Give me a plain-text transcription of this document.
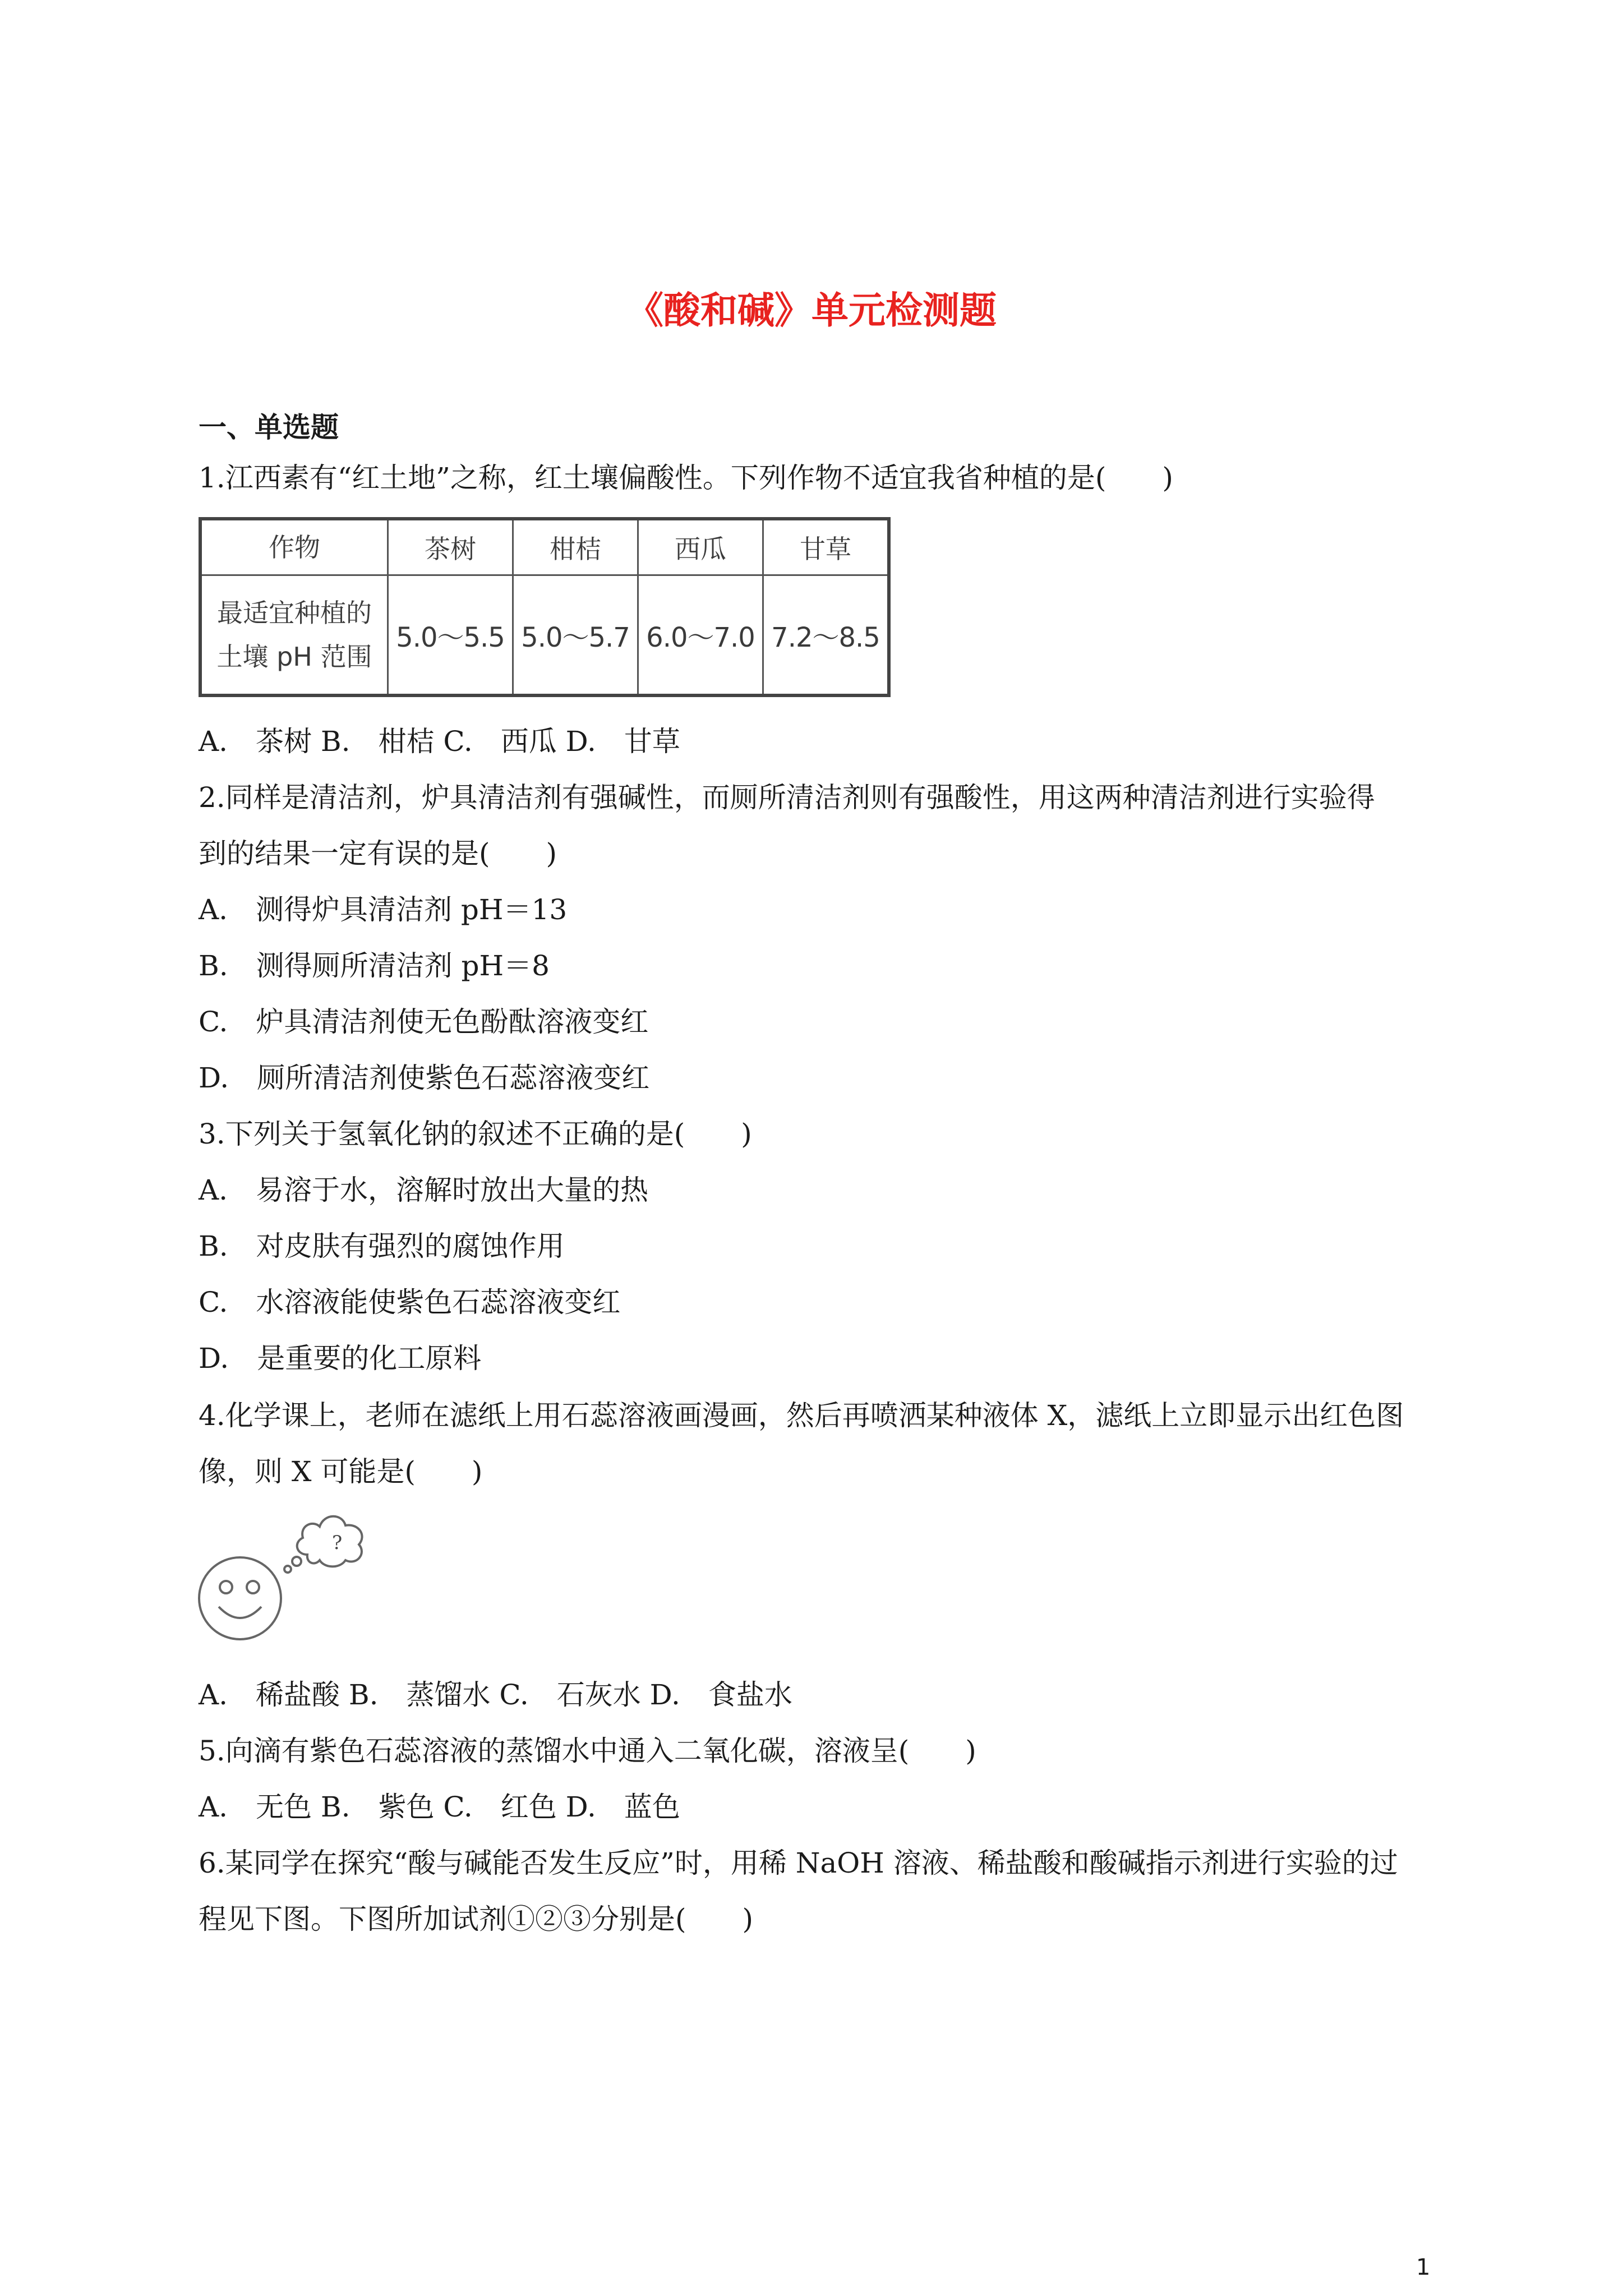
《酸和碱》单元检测题
一、单选题
1.江西素有“红土地”之称，红土壤偏酸性。下列作物不适宜我省种植的是(　　)
作物	茶树	柑桔	西瓜	甘草

最适宜种植的
土壤 pH 范围	5.0～5.5	5.0～5.7	6.0～7.0	7.2～8.5
A.　茶树 B.　柑桔 C.　西瓜 D.　甘草
2.同样是清洁剂，炉具清洁剂有强碱性，而厕所清洁剂则有强酸性，用这两种清洁剂进行实验得
到的结果一定有误的是(　　)
A.　测得炉具清洁剂 pH＝13
B.　测得厕所清洁剂 pH＝8
C.　炉具清洁剂使无色酚酞溶液变红
D.　厕所清洁剂使紫色石蕊溶液变红
3.下列关于氢氧化钠的叙述不正确的是(　　)
A.　易溶于水，溶解时放出大量的热
B.　对皮肤有强烈的腐蚀作用
C.　水溶液能使紫色石蕊溶液变红
D.　是重要的化工原料
4.化学课上，老师在滤纸上用石蕊溶液画漫画，然后再喷洒某种液体 X，滤纸上立即显示出红色图
像，则 X 可能是(　　)
?
A.　稀盐酸 B.　蒸馏水 C.　石灰水 D.　食盐水
5.向滴有紫色石蕊溶液的蒸馏水中通入二氧化碳，溶液呈(　　)
A.　无色 B.　紫色 C.　红色 D.　蓝色
6.某同学在探究“酸与碱能否发生反应”时，用稀 NaOH 溶液、稀盐酸和酸碱指示剂进行实验的过
程见下图。下图所加试剂①②③分别是(　　)
1
